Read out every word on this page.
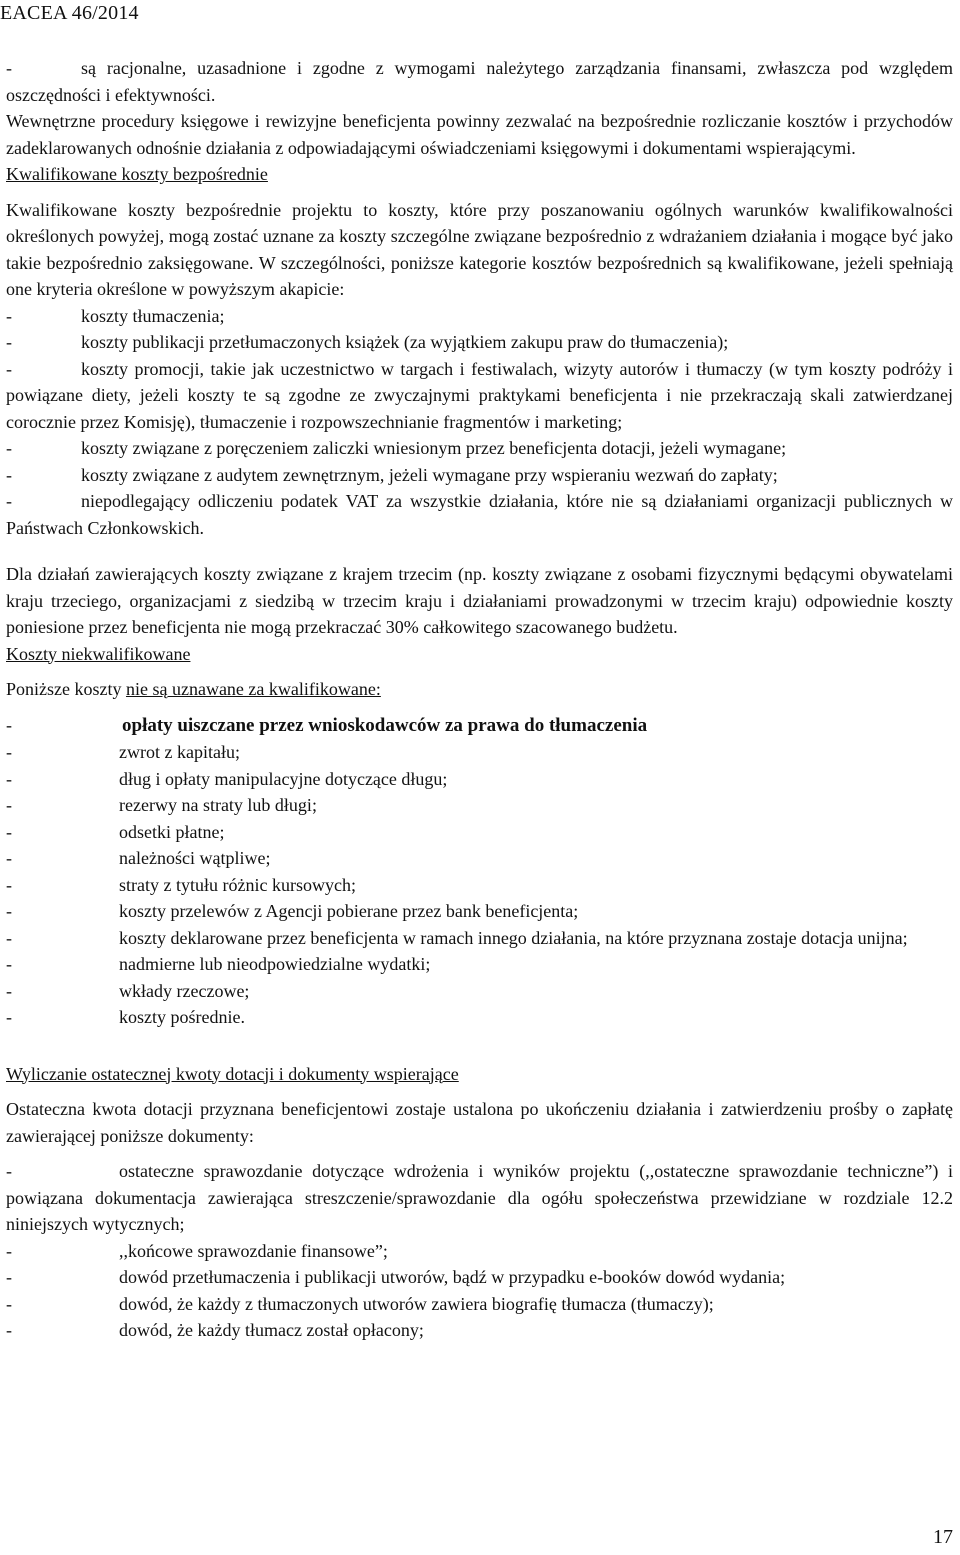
EACEA 46/2014
-	są racjonalne, uzasadnione i zgodne z wymogami należytego zarządzania finansami, zwłaszcza pod względem oszczędności i efektywności.

Wewnętrzne procedury księgowe i rewizyjne beneficjenta powinny zezwalać na bezpośrednie rozliczanie kosztów i przychodów zadeklarowanych odnośnie działania z odpowiadającymi oświadczeniami księgowymi i dokumentami wspierającymi.

Kwalifikowane koszty bezpośrednie

Kwalifikowane koszty bezpośrednie projektu to koszty, które przy poszanowaniu ogólnych warunków kwalifikowalności określonych powyżej, mogą zostać uznane za koszty szczególne związane bezpośrednio z wdrażaniem działania i mogące być jako takie bezpośrednio zaksięgowane. W szczególności, poniższe kategorie kosztów bezpośrednich są kwalifikowane, jeżeli spełniają one kryteria określone w powyższym akapicie:

-	koszty tłumaczenia;
-	koszty publikacji przetłumaczonych książek (za wyjątkiem zakupu praw do tłumaczenia);
-	koszty promocji, takie jak uczestnictwo w targach i festiwalach, wizyty autorów i tłumaczy (w tym koszty podróży i powiązane diety, jeżeli koszty te są zgodne ze zwyczajnymi praktykami beneficjenta i nie przekraczają skali zatwierdzanej corocznie przez Komisję), tłumaczenie i rozpowszechnianie fragmentów i marketing;
-	koszty związane z poręczeniem zaliczki wniesionym przez beneficjenta dotacji, jeżeli wymagane;
-	koszty związane z audytem zewnętrznym, jeżeli wymagane przy wspieraniu wezwań do zapłaty;
-	niepodlegający odliczeniu podatek VAT za wszystkie działania, które nie są działaniami organizacji publicznych w Państwach Członkowskich.

Dla działań zawierających koszty związane z krajem trzecim (np. koszty związane z osobami fizycznymi będącymi obywatelami kraju trzeciego, organizacjami z siedzibą w trzecim kraju i działaniami prowadzonymi w trzecim kraju) odpowiednie koszty poniesione przez beneficjenta nie mogą przekraczać 30% całkowitego szacowanego budżetu.

Koszty niekwalifikowane

Poniższe koszty nie są uznawane za kwalifikowane:

-	opłaty uiszczane przez wnioskodawców za prawa do tłumaczenia
-	zwrot z kapitału;
-	dług i opłaty manipulacyjne dotyczące długu;
-	rezerwy na straty lub długi;
-	odsetki płatne;
-	należności wątpliwe;
-	straty z tytułu różnic kursowych;
-	koszty przelewów z Agencji pobierane przez bank beneficjenta;
-	koszty deklarowane przez beneficjenta w ramach innego działania, na które przyznana zostaje dotacja unijna;
-	nadmierne lub nieodpowiedzialne wydatki;
-	wkłady rzeczowe;
-	koszty pośrednie.

Wyliczanie ostatecznej kwoty dotacji i dokumenty wspierające

Ostateczna kwota dotacji przyznana beneficjentowi zostaje ustalona po ukończeniu działania i zatwierdzeniu prośby o zapłatę zawierającej poniższe dokumenty:

-	ostateczne sprawozdanie dotyczące wdrożenia i wyników projektu (,,ostateczne sprawozdanie techniczne”) i powiązana dokumentacja zawierająca streszczenie/sprawozdanie dla ogółu społeczeństwa przewidziane w rozdziale 12.2 niniejszych wytycznych;
-	,,końcowe sprawozdanie finansowe”;
-	dowód przetłumaczenia i publikacji utworów, bądź w przypadku e-booków dowód wydania;
-	dowód, że każdy z tłumaczonych utworów zawiera biografię tłumacza (tłumaczy);
-	dowód, że każdy tłumacz został opłacony;
17
